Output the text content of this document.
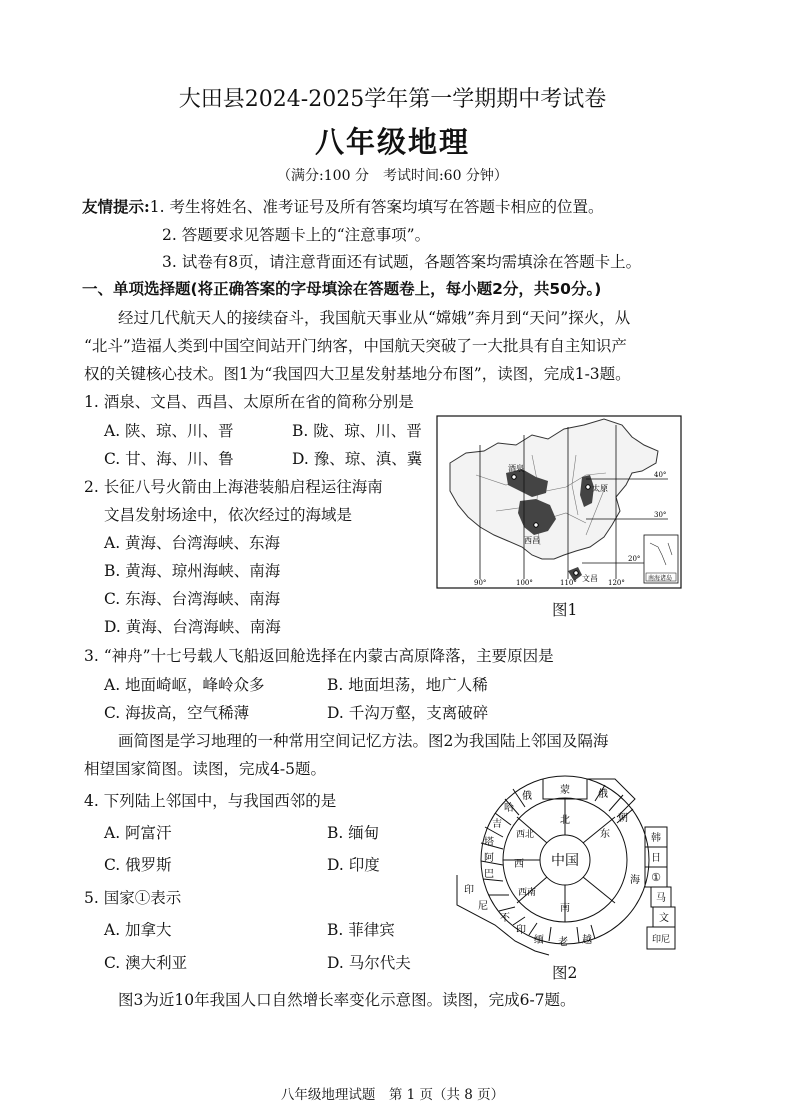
大田县2024-2025学年第一学期期中考试卷
八年级地理
（满分:100 分　考试时间:60 分钟）
友情提示:1. 考生将姓名、准考证号及所有答案均填写在答题卡相应的位置。
2. 答题要求见答题卡上的“注意事项”。
3. 试卷有8页，请注意背面还有试题，各题答案均需填涂在答题卡上。
一、单项选择题(将正确答案的字母填涂在答题卷上，每小题2分，共50分。)
经过几代航天人的接续奋斗，我国航天事业从“嫦娥”奔月到“天问”探火，从
“北斗”造福人类到中国空间站开门纳客，中国航天突破了一大批具有自主知识产
权的关键核心技术。图1为“我国四大卫星发射基地分布图”，读图，完成1-3题。
1. 酒泉、文昌、西昌、太原所在省的简称分别是
A. 陕、琼、川、晋	B. 陇、琼、川、晋
C. 甘、海、川、鲁	D. 豫、琼、滇、冀
2. 长征八号火箭由上海港装船启程运往海南
文昌发射场途中，依次经过的海域是
A. 黄海、台湾海峡、东海
B. 黄海、琼州海峡、南海
C. 东海、台湾海峡、南海
D. 黄海、台湾海峡、南海
酒泉
太原
西昌
文昌
40°
30°
20°
90°	100°	110°	120°
南海诸岛
图1
3. “神舟”十七号载人飞船返回舱选择在内蒙古高原降落，主要原因是
A. 地面崎岖，峰岭众多	B. 地面坦荡，地广人稀
C. 海拔高，空气稀薄	D. 千沟万壑，支离破碎
画简图是学习地理的一种常用空间记忆方法。图2为我国陆上邻国及隔海
相望国家简图。读图，完成4-5题。
4. 下列陆上邻国中，与我国西邻的是
A. 阿富汗	B. 缅甸
C. 俄罗斯	D. 印度
5. 国家①表示
A. 加拿大	B. 菲律宾
C. 澳大利亚	D. 马尔代夫
中国
北
东
西北
西
西南
南
蒙	俄
俄
朝
哈
吉
塔
阿
巴
印
尼
不
印
缅 老 越
海
韩
日
①
马
文
印尼
图2
图3为近10年我国人口自然增长率变化示意图。读图，完成6-7题。
八年级地理试题　第 1 页（共 8 页）
